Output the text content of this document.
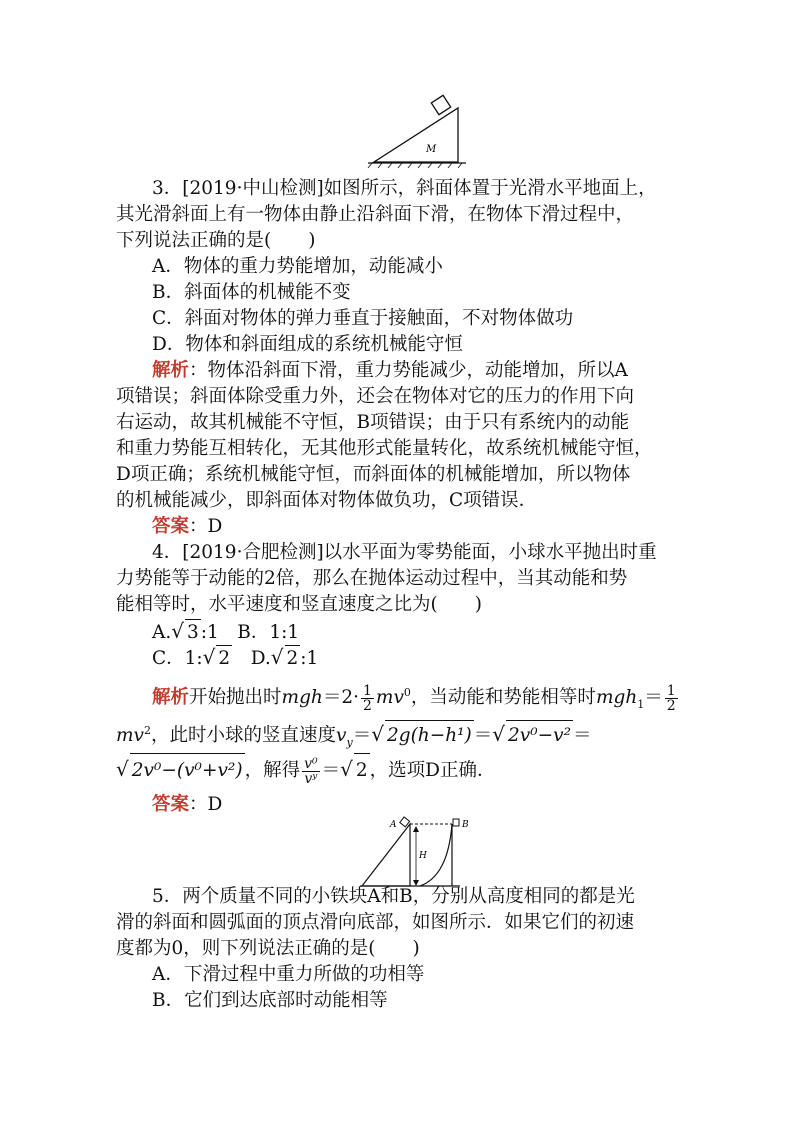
M
3．[2019·中山检测]如图所示，斜面体置于光滑水平地面上，
其光滑斜面上有一物体由静止沿斜面下滑，在物体下滑过程中，
下列说法正确的是(　　)
A．物体的重力势能增加，动能减小
B．斜面体的机械能不变
C．斜面对物体的弹力垂直于接触面，不对物体做功
D．物体和斜面组成的系统机械能守恒
解析：物体沿斜面下滑，重力势能减少，动能增加，所以A
项错误；斜面体除受重力外，还会在物体对它的压力的作用下向
右运动，故其机械能不守恒，B项错误；由于只有系统内的动能
和重力势能互相转化，无其他形式能量转化，故系统机械能守恒，
D项正确；系统机械能守恒，而斜面体的机械能增加，所以物体
的机械能减少，即斜面体对物体做负功，C项错误．
答案：D
4．[2019·合肥检测]以水平面为零势能面，小球水平抛出时重
力势能等于动能的2倍，那么在抛体运动过程中，当其动能和势
能相等时，水平速度和竖直速度之比为(　　)
A.√ 3 :1　B．1:1
C．1:√ 2　D.√ 2 :1
解析开始抛出时$mgh=2\cdot \frac{1}{2} mv^0$，当动能和势能相等时$mgh_1= \frac{1}{2}$
$mv^2$，此时小球的竖直速度$v_y=√$ 2g(h−h¹) ＝√ 2v⁰−v² ＝
√ 2v⁰−(v⁰+v²) ，解得 $\frac{\text{v⁰}}{\text{vʸ}}$ ＝√ 2 ，选项D正确．
答案：D
A	B
H
5．两个质量不同的小铁块A和B，分别从高度相同的都是光
滑的斜面和圆弧面的顶点滑向底部，如图所示．如果它们的初速
度都为0，则下列说法正确的是(　　)
A．下滑过程中重力所做的功相等
B．它们到达底部时动能相等
